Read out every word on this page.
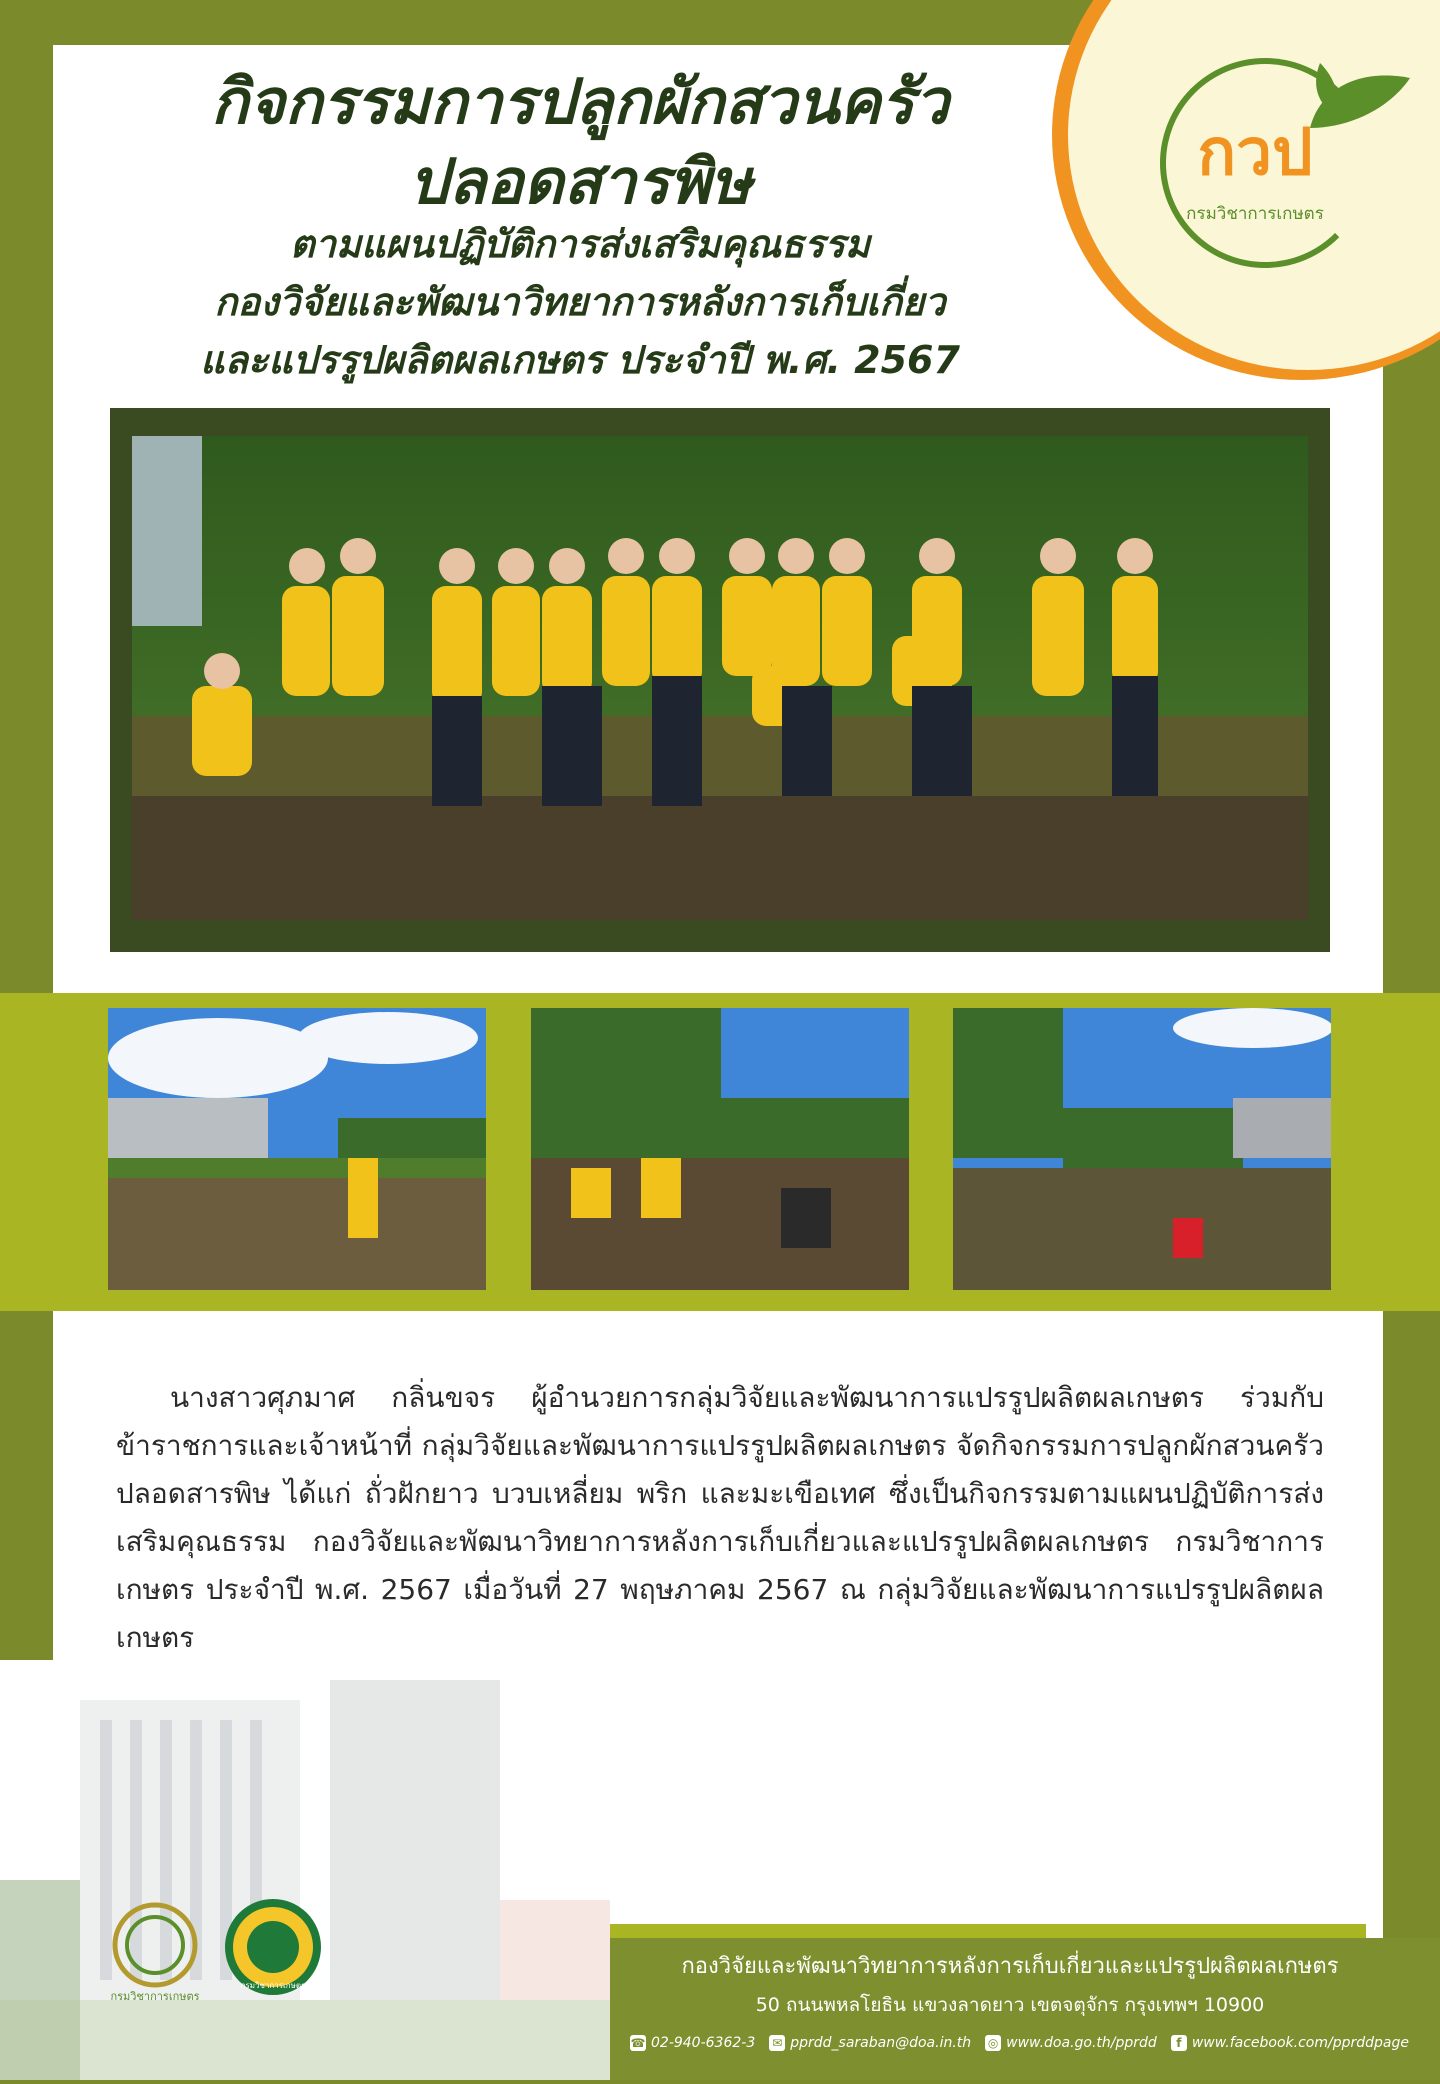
กวป
กรมวิชาการเกษตร
กิจกรรมการปลูกผักสวนครัว
ปลอดสารพิษ
ตามแผนปฏิบัติการส่งเสริมคุณธรรม
กองวิจัยและพัฒนาวิทยาการหลังการเก็บเกี่ยว
และแปรรูปผลิตผลเกษตร ประจำปี พ.ศ. 2567
นางสาวศุภมาศ กลิ่นขจร ผู้อำนวยการกลุ่มวิจัยและพัฒนาการแปรรูปผลิตผลเกษตร ร่วมกับข้าราชการและเจ้าหน้าที่ กลุ่มวิจัยและพัฒนาการแปรรูปผลิตผลเกษตร จัดกิจกรรมการปลูกผักสวนครัวปลอดสารพิษ ได้แก่ ถั่วฝักยาว บวบเหลี่ยม พริก และมะเขือเทศ ซึ่งเป็นกิจกรรมตามแผนปฏิบัติการส่งเสริมคุณธรรม กองวิจัยและพัฒนาวิทยาการหลังการเก็บเกี่ยวและแปรรูปผลิตผลเกษตร กรมวิชาการเกษตร ประจำปี พ.ศ. 2567 เมื่อวันที่ 27 พฤษภาคม 2567 ณ กลุ่มวิจัยและพัฒนาการแปรรูปผลิตผลเกษตร
กรมวิชาการเกษตร
กรมวิชาการเกษตร
กองวิจัยและพัฒนาวิทยาการหลังการเก็บเกี่ยวและแปรรูปผลิตผลเกษตร
50 ถนนพหลโยธิน แขวงลาดยาว เขตจตุจักร กรุงเทพฯ 10900
☎ 02-940-6362-3 ✉ pprdd_saraban@doa.in.th ◎ www.doa.go.th/pprdd	f www.facebook.com/pprddpage
